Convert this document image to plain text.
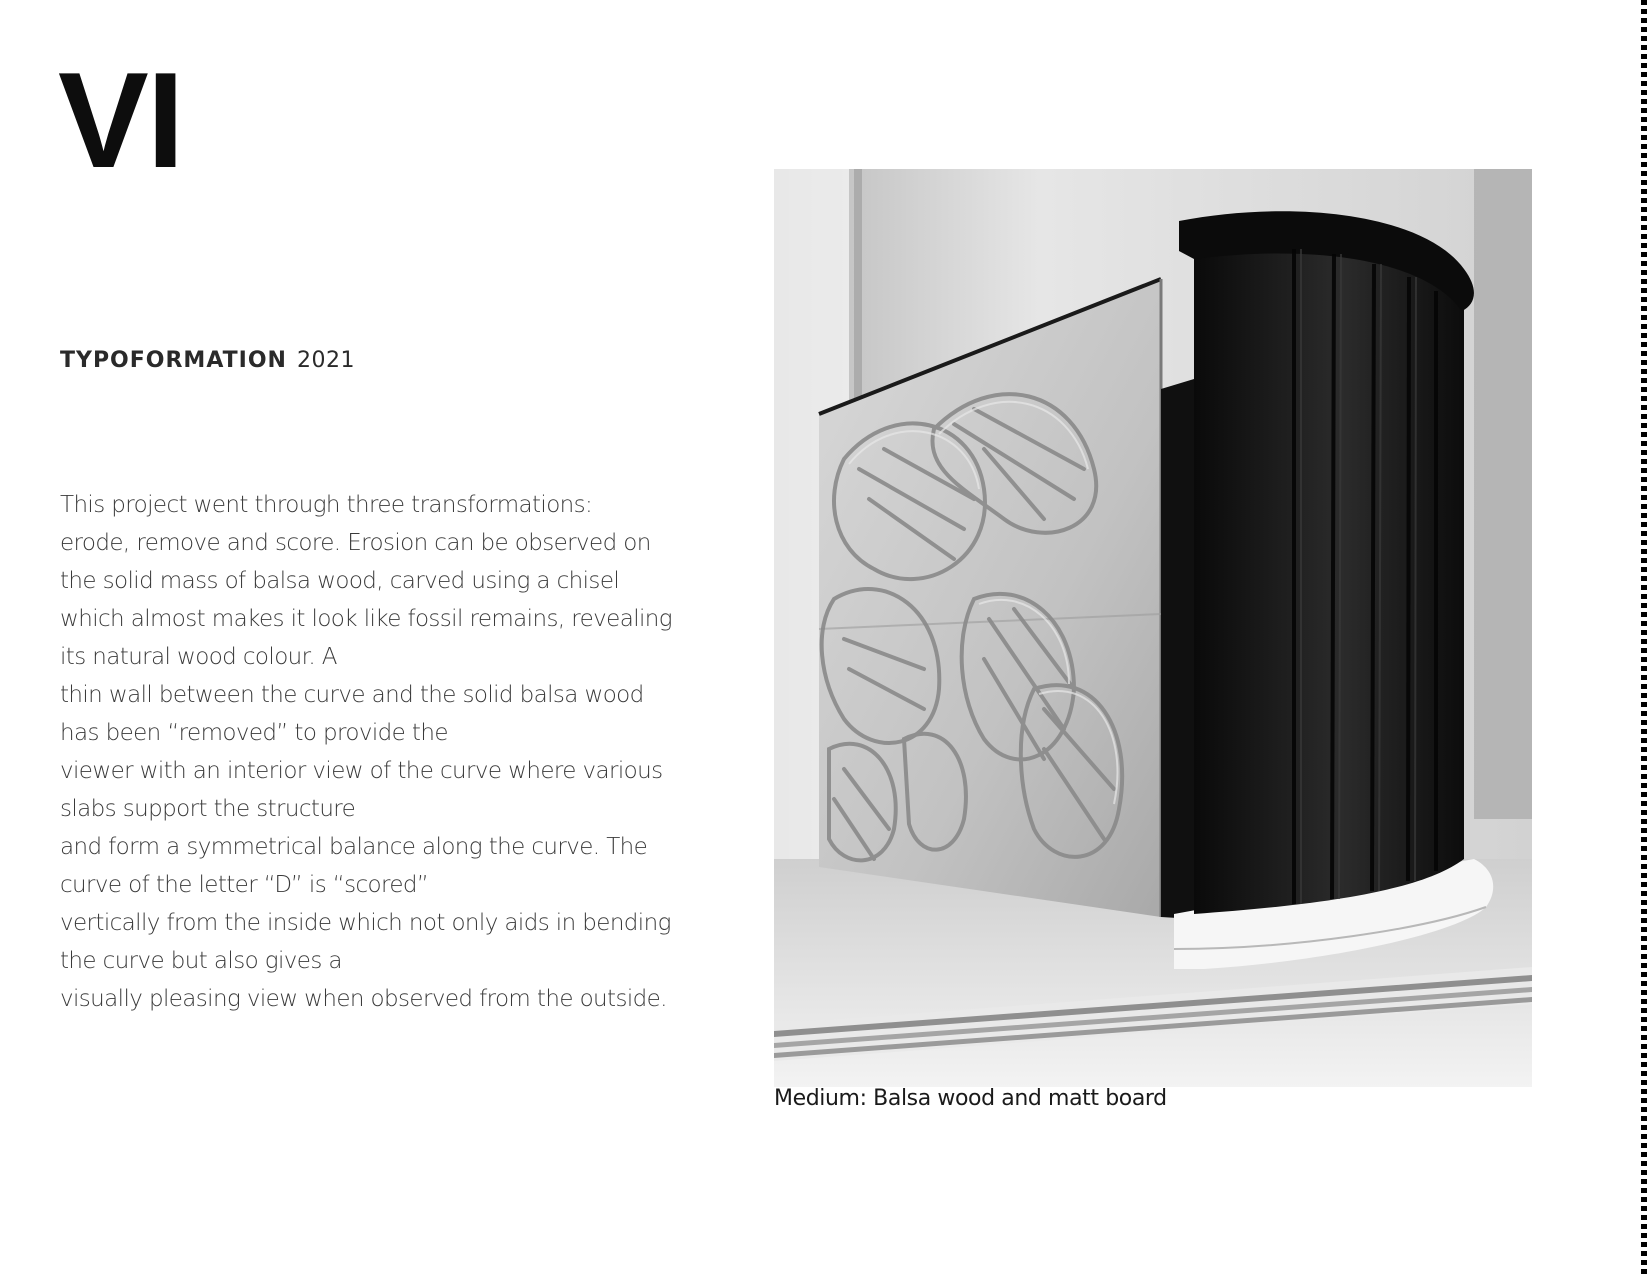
VI
TYPOFORMATION 2021
This project went through three transformations:
erode, remove and score. Erosion can be observed on
the solid mass of balsa wood, carved using a chisel
which almost makes it look like fossil remains, revealing
its natural wood colour. A
thin wall between the curve and the solid balsa wood
has been “removed” to provide the
viewer with an interior view of the curve where various
slabs support the structure
and form a symmetrical balance along the curve. The
curve of the letter “D” is “scored”
vertically from the inside which not only aids in bending
the curve but also gives a
visually pleasing view when observed from the outside.
Medium: Balsa wood and matt board
